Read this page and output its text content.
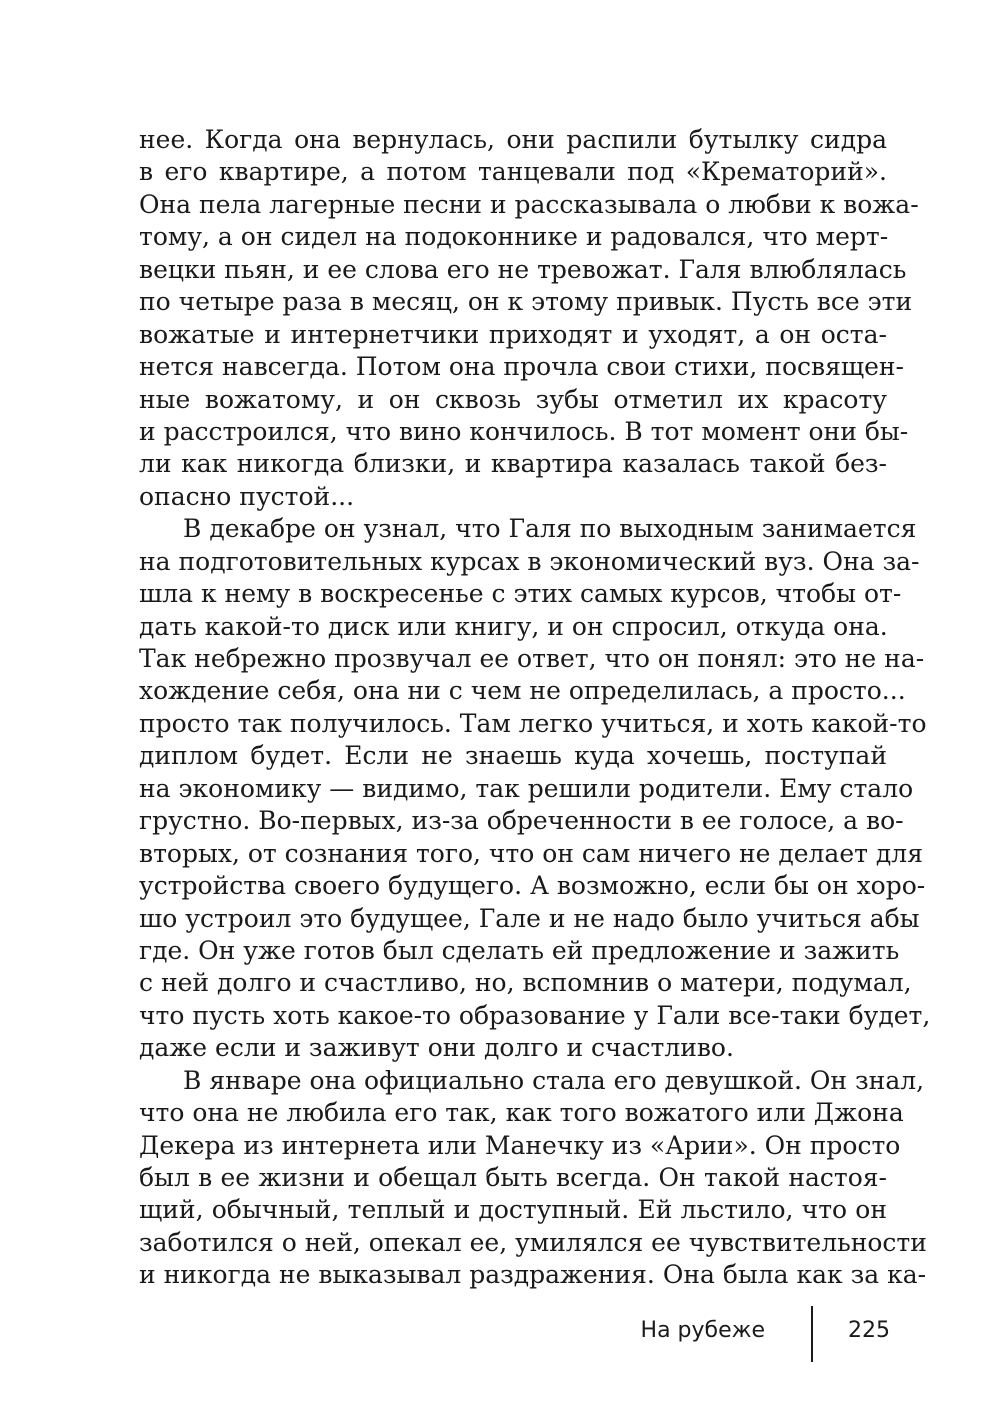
нее. Когда она вернулась, они распили бутылку сидра
в его квартире, а потом танцевали под «Крематорий».
Она пела лагерные песни и рассказывала о любви к вожа-
тому, а он сидел на подоконнике и радовался, что мерт-
вецки пьян, и ее слова его не тревожат. Галя влюблялась
по четыре раза в месяц, он к этому привык. Пусть все эти
вожатые и интернетчики приходят и уходят, а он оста-
нется навсегда. Потом она прочла свои стихи, посвящен-
ные вожатому, и он сквозь зубы отметил их красоту
и расстроился, что вино кончилось. В тот момент они бы-
ли как никогда близки, и квартира казалась такой без-
опасно пустой...
В декабре он узнал, что Галя по выходным занимается
на подготовительных курсах в экономический вуз. Она за-
шла к нему в воскресенье с этих самых курсов, чтобы от-
дать какой-то диск или книгу, и он спросил, откуда она.
Так небрежно прозвучал ее ответ, что он понял: это не на-
хождение себя, она ни с чем не определилась, а просто...
просто так получилось. Там легко учиться, и хоть какой-то
диплом будет. Если не знаешь куда хочешь, поступай
на экономику — видимо, так решили родители. Ему стало
грустно. Во-первых, из-за обреченности в ее голосе, а во-
вторых, от сознания того, что он сам ничего не делает для
устройства своего будущего. А возможно, если бы он хоро-
шо устроил это будущее, Гале и не надо было учиться абы
где. Он уже готов был сделать ей предложение и зажить
с ней долго и счастливо, но, вспомнив о матери, подумал,
что пусть хоть какое-то образование у Гали все-таки будет,
даже если и заживут они долго и счастливо.
В январе она официально стала его девушкой. Он знал,
что она не любила его так, как того вожатого или Джона
Декера из интернета или Манечку из «Арии». Он просто
был в ее жизни и обещал быть всегда. Он такой настоя-
щий, обычный, теплый и доступный. Ей льстило, что он
заботился о ней, опекал ее, умилялся ее чувствительности
и никогда не выказывал раздражения. Она была как за ка-
На рубеже	225
